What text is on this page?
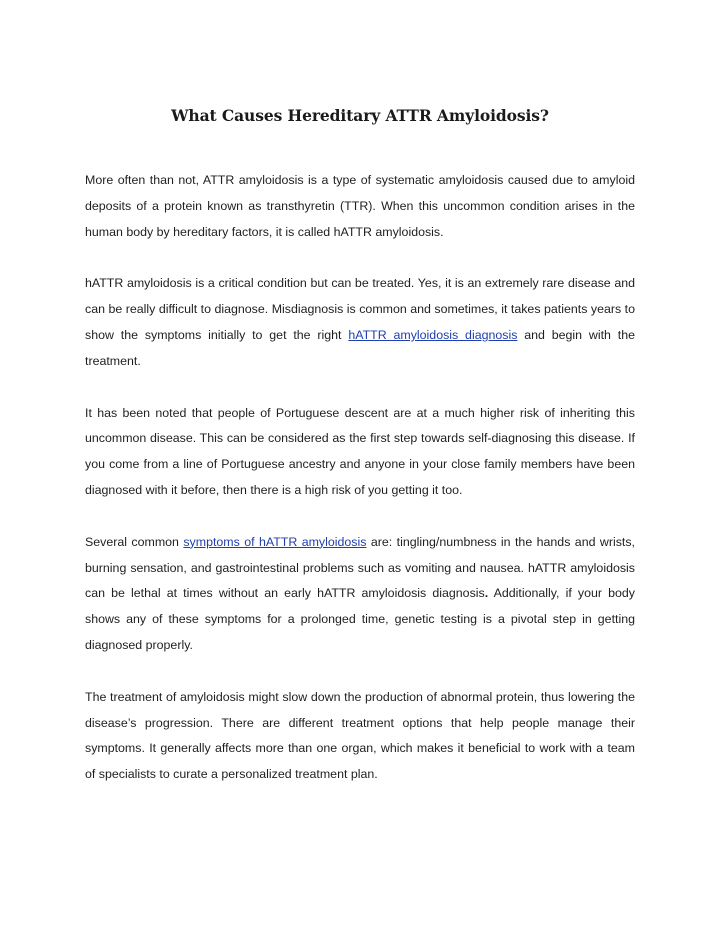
What Causes Hereditary ATTR Amyloidosis?

More often than not, ATTR amyloidosis is a type of systematic amyloidosis caused due to amyloid deposits of a protein known as transthyretin (TTR). When this uncommon condition arises in the human body by hereditary factors, it is called hATTR amyloidosis.

hATTR amyloidosis is a critical condition but can be treated. Yes, it is an extremely rare disease and can be really difficult to diagnose. Misdiagnosis is common and sometimes, it takes patients years to show the symptoms initially to get the right hATTR amyloidosis diagnosis and begin with the treatment.

It has been noted that people of Portuguese descent are at a much higher risk of inheriting this uncommon disease. This can be considered as the first step towards self-diagnosing this disease. If you come from a line of Portuguese ancestry and anyone in your close family members have been diagnosed with it before, then there is a high risk of you getting it too.

Several common symptoms of hATTR amyloidosis are: tingling/numbness in the hands and wrists, burning sensation, and gastrointestinal problems such as vomiting and nausea. hATTR amyloidosis can be lethal at times without an early hATTR amyloidosis diagnosis. Additionally, if your body shows any of these symptoms for a prolonged time, genetic testing is a pivotal step in getting diagnosed properly.

The treatment of amyloidosis might slow down the production of abnormal protein, thus lowering the disease’s progression. There are different treatment options that help people manage their symptoms. It generally affects more than one organ, which makes it beneficial to work with a team of specialists to curate a personalized treatment plan.
